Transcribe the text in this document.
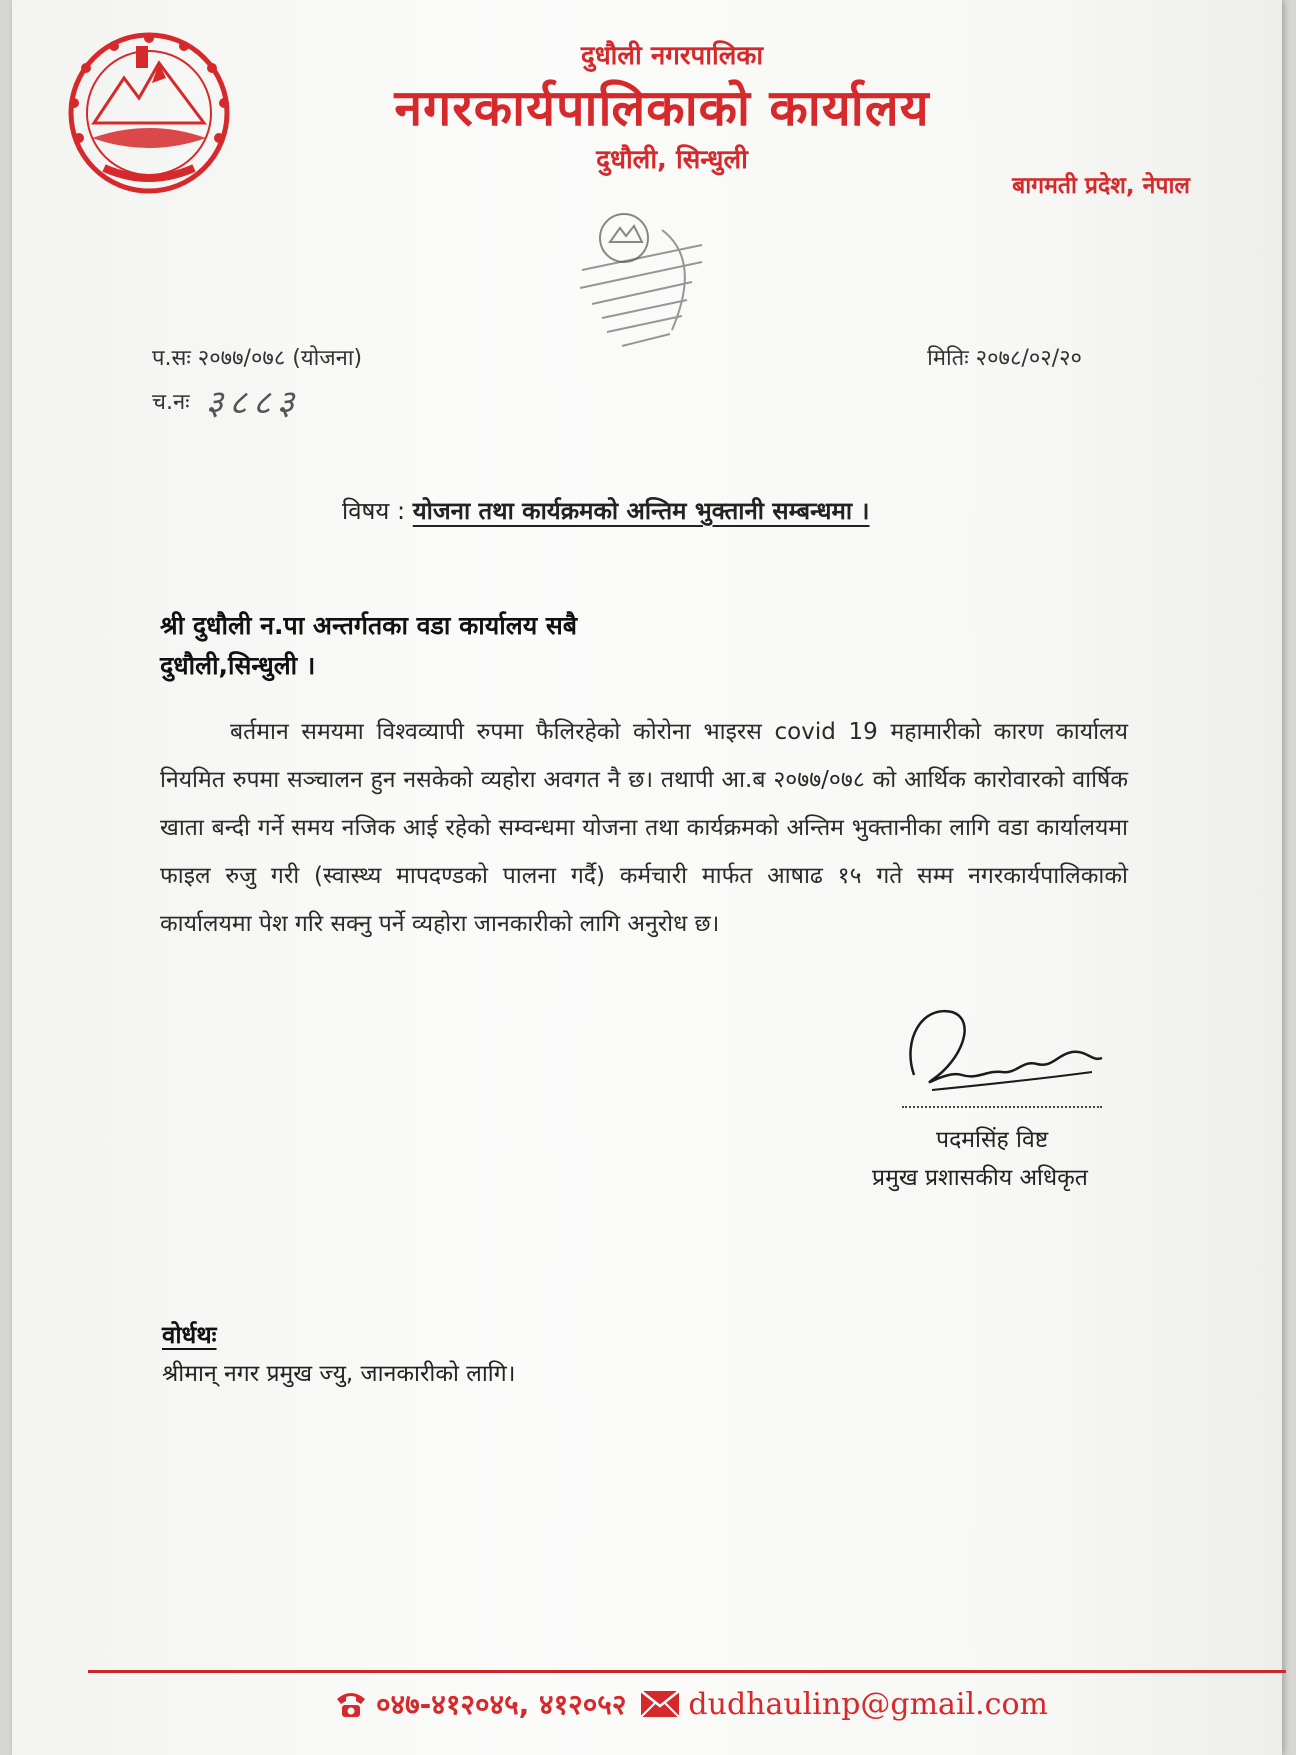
दुधौली नगरपालिका
नगरकार्यपालिकाको कार्यालय
दुधौली, सिन्धुली
बागमती प्रदेश, नेपाल
प.सः २०७७/०७८ (योजना)
च.नः ३८८३
मितिः २०७८/०२/२०
विषय : योजना तथा कार्यक्रमको अन्तिम भुक्तानी सम्बन्धमा ।
श्री दुधौली न.पा अन्तर्गतका वडा कार्यालय सबै
दुधौली,सिन्धुली ।
बर्तमान समयमा विश्वव्यापी रुपमा फैलिरहेको कोरोना भाइरस covid 19 महामारीको कारण कार्यालय नियमित रुपमा सञ्चालन हुन नसकेको व्यहोरा अवगत नै छ। तथापी आ.ब २०७७/०७८ को आर्थिक कारोवारको वार्षिक खाता बन्दी गर्ने समय नजिक आई रहेको सम्वन्धमा योजना तथा कार्यक्रमको अन्तिम भुक्तानीका लागि वडा कार्यालयमा फाइल रुजु गरी (स्वास्थ्य मापदण्डको पालना गर्दै) कर्मचारी मार्फत आषाढ १५ गते सम्म नगरकार्यपालिकाको कार्यालयमा पेश गरि सक्नु पर्ने व्यहोरा जानकारीको लागि अनुरोध छ।
पदमसिंह विष्ट
प्रमुख प्रशासकीय अधिकृत
वोर्धथः
श्रीमान् नगर प्रमुख ज्यु, जानकारीको लागि।
०४७-४१२०४५, ४१२०५२ dudhaulinp@gmail.com
